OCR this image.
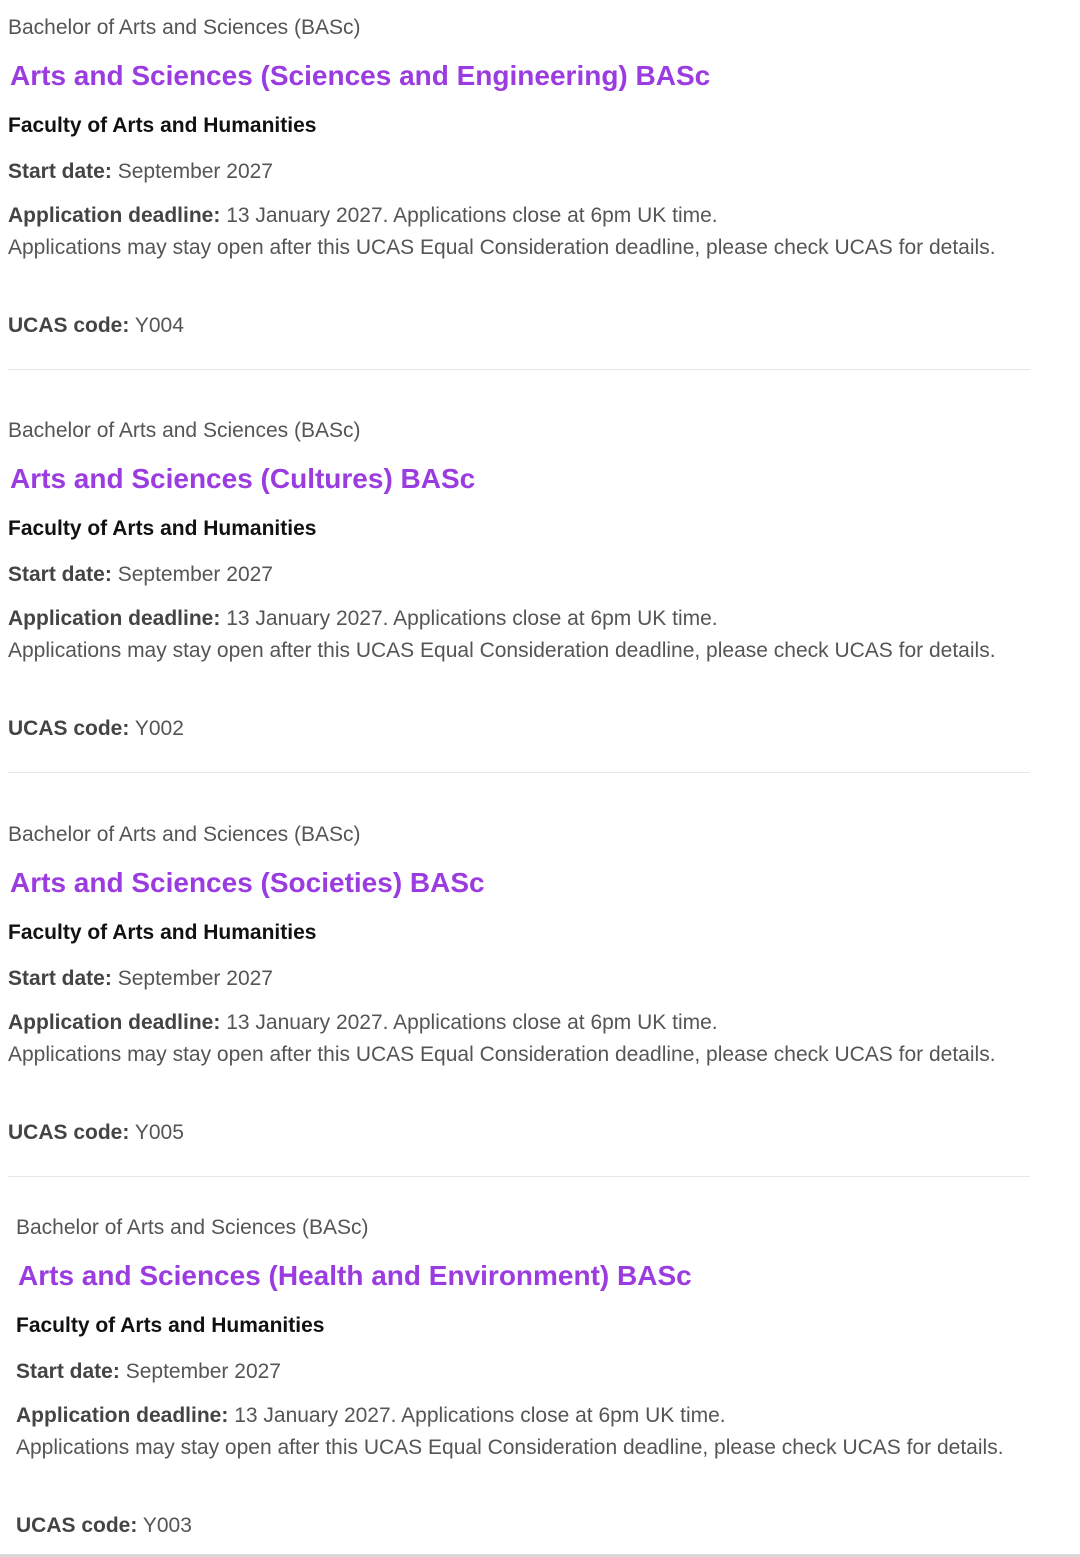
Bachelor of Arts and Sciences (BASc)
Arts and Sciences (Sciences and Engineering) BASc
Faculty of Arts and Humanities
Start date: September 2027
Application deadline: 13 January 2027. Applications close at 6pm UK time.
Applications may stay open after this UCAS Equal Consideration deadline, please check UCAS for details.
UCAS code: Y004
Bachelor of Arts and Sciences (BASc)
Arts and Sciences (Cultures) BASc
Faculty of Arts and Humanities
Start date: September 2027
Application deadline: 13 January 2027. Applications close at 6pm UK time.
Applications may stay open after this UCAS Equal Consideration deadline, please check UCAS for details.
UCAS code: Y002
Bachelor of Arts and Sciences (BASc)
Arts and Sciences (Societies) BASc
Faculty of Arts and Humanities
Start date: September 2027
Application deadline: 13 January 2027. Applications close at 6pm UK time.
Applications may stay open after this UCAS Equal Consideration deadline, please check UCAS for details.
UCAS code: Y005
Bachelor of Arts and Sciences (BASc)
Arts and Sciences (Health and Environment) BASc
Faculty of Arts and Humanities
Start date: September 2027
Application deadline: 13 January 2027. Applications close at 6pm UK time.
Applications may stay open after this UCAS Equal Consideration deadline, please check UCAS for details.
UCAS code: Y003
